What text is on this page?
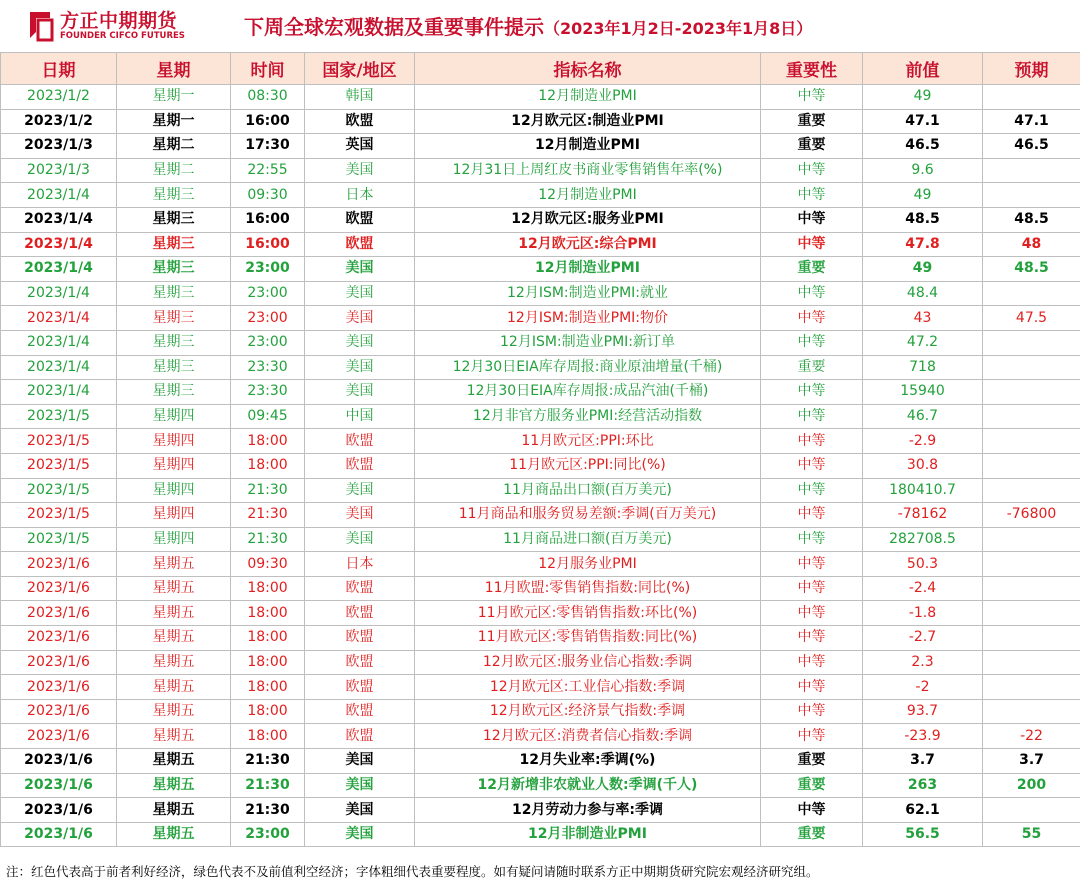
方正中期期货
FOUNDER CIFCO FUTURES	下周全球宏观数据及重要事件提示（2023年1月2日-2023年1月8日）
日期	星期	时间	国家/地区	指标名称	重要性	前值	预期
2023/1/2	星期一	08:30	韩国	12月制造业PMI	中等	49	
2023/1/2	星期一	16:00	欧盟	12月欧元区:制造业PMI	重要	47.1	47.1
2023/1/3	星期二	17:30	英国	12月制造业PMI	重要	46.5	46.5
2023/1/3	星期二	22:55	美国	12月31日上周红皮书商业零售销售年率(%)	中等	9.6	
2023/1/4	星期三	09:30	日本	12月制造业PMI	中等	49	
2023/1/4	星期三	16:00	欧盟	12月欧元区:服务业PMI	中等	48.5	48.5
2023/1/4	星期三	16:00	欧盟	12月欧元区:综合PMI	中等	47.8	48
2023/1/4	星期三	23:00	美国	12月制造业PMI	重要	49	48.5
2023/1/4	星期三	23:00	美国	12月ISM:制造业PMI:就业	中等	48.4	
2023/1/4	星期三	23:00	美国	12月ISM:制造业PMI:物价	中等	43	47.5
2023/1/4	星期三	23:00	美国	12月ISM:制造业PMI:新订单	中等	47.2	
2023/1/4	星期三	23:30	美国	12月30日EIA库存周报:商业原油增量(千桶)	重要	718	
2023/1/4	星期三	23:30	美国	12月30日EIA库存周报:成品汽油(千桶)	中等	15940	
2023/1/5	星期四	09:45	中国	12月非官方服务业PMI:经营活动指数	中等	46.7	
2023/1/5	星期四	18:00	欧盟	11月欧元区:PPI:环比	中等	-2.9	
2023/1/5	星期四	18:00	欧盟	11月欧元区:PPI:同比(%)	中等	30.8	
2023/1/5	星期四	21:30	美国	11月商品出口额(百万美元)	中等	180410.7	
2023/1/5	星期四	21:30	美国	11月商品和服务贸易差额:季调(百万美元)	中等	-78162	-76800
2023/1/5	星期四	21:30	美国	11月商品进口额(百万美元)	中等	282708.5	
2023/1/6	星期五	09:30	日本	12月服务业PMI	中等	50.3	
2023/1/6	星期五	18:00	欧盟	11月欧盟:零售销售指数:同比(%)	中等	-2.4	
2023/1/6	星期五	18:00	欧盟	11月欧元区:零售销售指数:环比(%)	中等	-1.8	
2023/1/6	星期五	18:00	欧盟	11月欧元区:零售销售指数:同比(%)	中等	-2.7	
2023/1/6	星期五	18:00	欧盟	12月欧元区:服务业信心指数:季调	中等	2.3	
2023/1/6	星期五	18:00	欧盟	12月欧元区:工业信心指数:季调	中等	-2	
2023/1/6	星期五	18:00	欧盟	12月欧元区:经济景气指数:季调	中等	93.7	
2023/1/6	星期五	18:00	欧盟	12月欧元区:消费者信心指数:季调	中等	-23.9	-22
2023/1/6	星期五	21:30	美国	12月失业率:季调(%)	重要	3.7	3.7
2023/1/6	星期五	21:30	美国	12月新增非农就业人数:季调(千人)	重要	263	200
2023/1/6	星期五	21:30	美国	12月劳动力参与率:季调	中等	62.1	
2023/1/6	星期五	23:00	美国	12月非制造业PMI	重要	56.5	55
注：红色代表高于前者利好经济，绿色代表不及前值利空经济；字体粗细代表重要程度。如有疑问请随时联系方正中期期货研究院宏观经济研究组。
